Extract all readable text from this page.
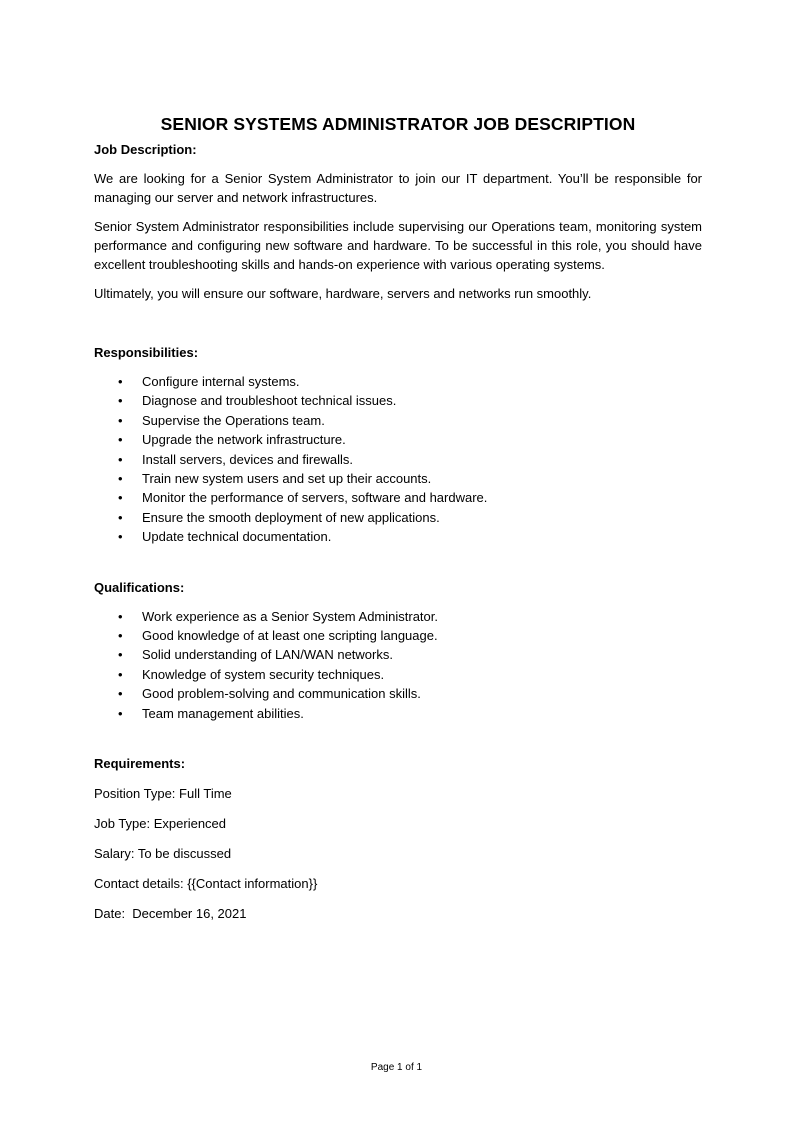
SENIOR SYSTEMS ADMINISTRATOR JOB DESCRIPTION
Job Description:

We are looking for a Senior System Administrator to join our IT department. You’ll be responsible for managing our server and network infrastructures.

Senior System Administrator responsibilities include supervising our Operations team, monitoring system performance and configuring new software and hardware. To be successful in this role, you should have excellent troubleshooting skills and hands-on experience with various operating systems.

Ultimately, you will ensure our software, hardware, servers and networks run smoothly.

Responsibilities:
• Configure internal systems.
• Diagnose and troubleshoot technical issues.
• Supervise the Operations team.
• Upgrade the network infrastructure.
• Install servers, devices and firewalls.
• Train new system users and set up their accounts.
• Monitor the performance of servers, software and hardware.
• Ensure the smooth deployment of new applications.
• Update technical documentation.
Qualifications:
• Work experience as a Senior System Administrator.
• Good knowledge of at least one scripting language.
• Solid understanding of LAN/WAN networks.
• Knowledge of system security techniques.
• Good problem-solving and communication skills.
• Team management abilities.
Requirements:

Position Type: Full Time

Job Type: Experienced

Salary: To be discussed

Contact details: {{Contact information}}

Date:  December 16, 2021

Page 1 of 1
